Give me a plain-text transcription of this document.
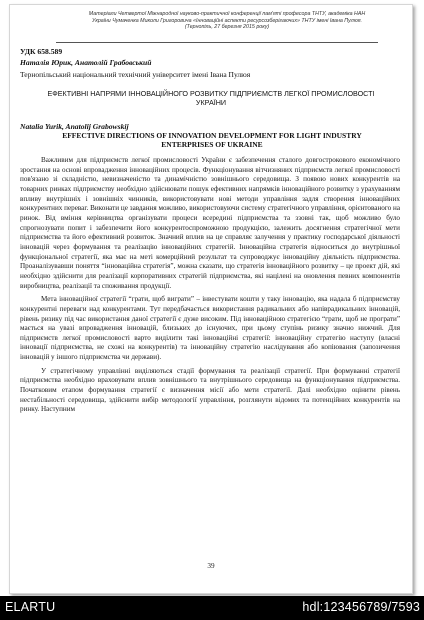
Матеріали Четвертої Міжнародної науково-практичної конференції пам'яті професора ТНТУ, академіка НАН України Чумаченка Миколи Григоровича «Інноваційні аспекти ресурсозберігаючих» ТНТУ імені Івана Пулюя. (Тернопіль, 27 березня 2015 року)
УДК 658.589
Наталія Юрик, Анатолій Грабовський
Тернопільський національний технічний університет імені Івана Пулюя
ЕФЕКТИВНІ НАПРЯМИ ІННОВАЦІЙНОГО РОЗВИТКУ ПІДПРИЄМСТВ ЛЕГКОЇ ПРОМИСЛОВОСТІ УКРАЇНИ
Natalia Yurik, Anatolij Grabowskij
EFFECTIVE DIRECTIONS OF INNOVATION DEVELOPMENT FOR LIGHT INDUSTRY ENTERPRISES OF UKRAINE

Важливим для підприємств легкої промисловості України є забезпечення сталого довгострокового економічного зростання на основі впровадження інноваційних процесів. Функціонування вітчизняних підприємств легкої промисловості пов'язано зі складністю, невизначеністю та динамічністю зовнішнього середовища. З появою нових конкурентів на товарних ринках підприємству необхідно здійснювати пошук ефективних напрямків інноваційного розвитку з урахуванням впливу внутрішніх і зовнішніх чинників, використовувати нові методи управління задля створення інноваційних конкурентних переваг. Виконати це завдання можливо, використовуючи систему стратегічного управління, орієнтованого на ринок. Від вміння керівництва організувати процеси всередині підприємства та ззовні так, щоб можливо було спрогнозувати попит і забезпечити його конкурентоспроможною продукцією, залежить досягнення стратегічної мети підприємства та його ефективний розвиток. Значний вплив на це справляє залучення у практику господарської діяльності інновацій через формування та реалізацію інноваційних стратегій. Інноваційна стратегія відноситься до внутрішньої функціональної стратегії, яка має на меті комерційний результат та супроводжує інноваційну діяльність підприємства. Проаналізувавши поняття “інноваційна стратегія”, можна сказати, що стратегія інноваційного розвитку – це проект дій, які необхідно здійснити для реалізації корпоративних стратегій підприємства, які націлені на оновлення певних компонентів виробництва, реалізації та споживання продукції.

Мета інноваційної стратегії “грати, щоб виграти” – інвестувати кошти у таку інновацію, яка надала б підприємству конкурентні переваги над конкурентами. Тут передбачається використання радикальних або напіврадикальних інновацій, рівень ризику під час використання даної стратегії є дуже високим. Під інноваційною стратегією “грати, щоб не програти” мається на увазі впровадження інновацій, близьких до існуючих, при цьому ступінь ризику значно нижчий. Для підприємств легкої промисловості варто виділити такі інноваційні стратегії: інноваційну стратегію наступу (власні інновації підприємства, не схожі на конкурентів) та інноваційну стратегію наслідування або копіювання (запозичення інновацій у іншого підприємства чи держави).

У стратегічному управлінні виділяються стадії формування та реалізації стратегії. При формуванні стратегії підприємства необхідно враховувати вплив зовнішнього та внутрішнього середовища на функціонування підприємства. Початковим етапом формування стратегії є визначення місії або мети стратегії. Далі необхідно оцінити рівень нестабільності середовища, здійснити вибір методології управління, розглянути відомих та потенційних конкурентів на ринку. Наступним

39
ELARTU	hdl:123456789/7593
